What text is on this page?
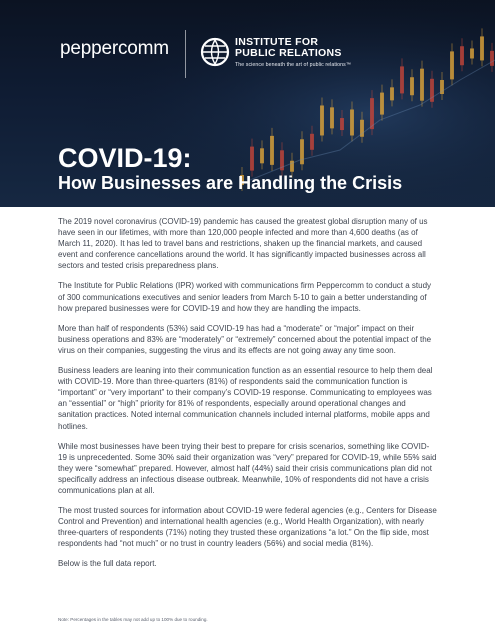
peppercomm	INSTITUTE FOR
PUBLIC RELATIONS
The science beneath the art of public relations™
COVID-19:
How Businesses are Handling the Crisis

The 2019 novel coronavirus (COVID-19) pandemic has caused the greatest global disruption many of us have seen in our lifetimes, with more than 120,000 people infected and more than 4,600 deaths (as of March 11, 2020). It has led to travel bans and restrictions, shaken up the financial markets, and caused event and conference cancellations around the world. It has significantly impacted businesses across all sectors and tested crisis preparedness plans.

The Institute for Public Relations (IPR) worked with communications firm Peppercomm to conduct a study of 300 communications executives and senior leaders from March 5-10 to gain a better understanding of how prepared businesses were for COVID-19 and how they are handling the impacts.

More than half of respondents (53%) said COVID-19 has had a “moderate” or “major” impact on their business operations and 83% are “moderately” or “extremely” concerned about the potential impact of the virus on their companies, suggesting the virus and its effects are not going away any time soon.

Business leaders are leaning into their communication function as an essential resource to help them deal with COVID-19. More than three-quarters (81%) of respondents said the communication function is “important” or “very important” to their company’s COVID-19 response. Communicating to employees was an “essential” or “high” priority for 81% of respondents, especially around operational changes and sanitation practices. Noted internal communication channels included internal platforms, mobile apps and hotlines.

While most businesses have been trying their best to prepare for crisis scenarios, something like COVID-19 is unprecedented. Some 30% said their organization was “very” prepared for COVID-19, while 55% said they were “somewhat” prepared. However, almost half (44%) said their crisis communications plan did not specifically address an infectious disease outbreak. Meanwhile, 10% of respondents did not have a crisis communications plan at all.

The most trusted sources for information about COVID-19 were federal agencies (e.g., Centers for Disease Control and Prevention) and international health agencies (e.g., World Health Organization), with nearly three-quarters of respondents (71%) noting they trusted these organizations “a lot.” On the flip side, most respondents had “not much” or no trust in country leaders (56%) and social media (81%).

Below is the full data report.

Note: Percentages in the tables may not add up to 100% due to rounding.
